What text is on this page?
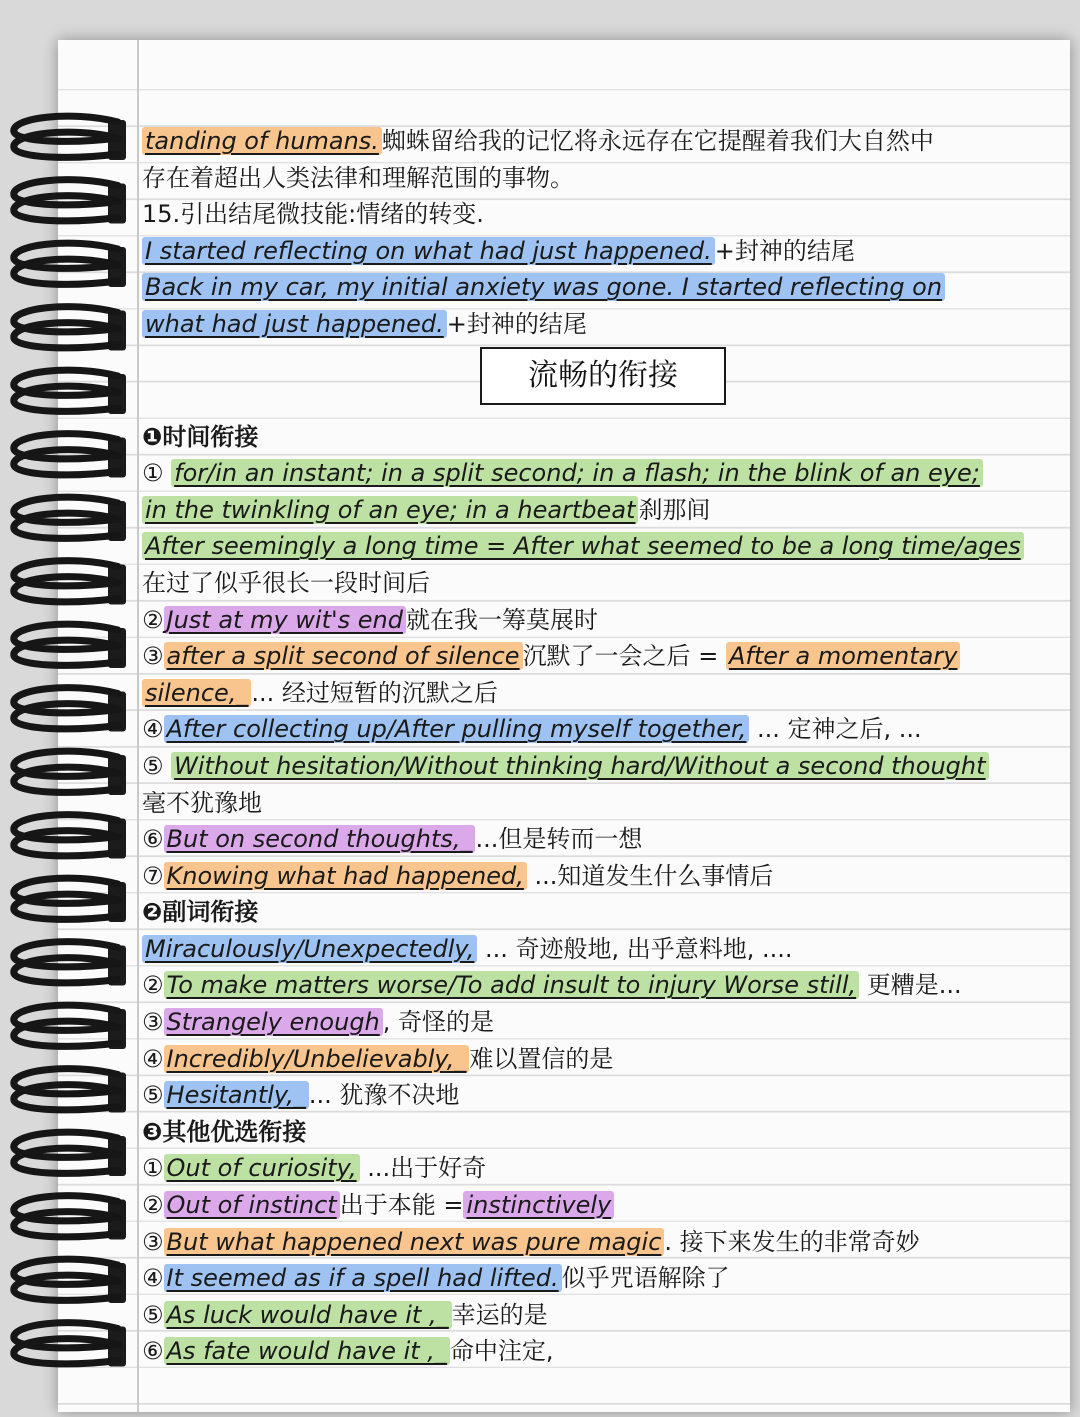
tanding of humans. 蜘蛛留给我的记忆将永远存在它提醒着我们大自然中
存在着超出人类法律和理解范围的事物。
15.引出结尾微技能:情绪的转变.
I started reflecting on what had just happened. +封神的结尾
Back in my car, my initial anxiety was gone. I started reflecting on
what had just happened. +封神的结尾
流畅的衔接
❶时间衔接
① for/in an instant; in a split second; in a flash; in the blink of an eye;
in the twinkling of an eye; in a heartbeat 刹那间
After seemingly a long time = After what seemed to be a long time/ages
在过了似乎很长一段时间后
② Just at my wit's end 就在我一筹莫展时
③ after a split second of silence 沉默了一会之后 = After a momentary
silence,_ ... 经过短暂的沉默之后
④ After collecting up/After pulling myself together, ... 定神之后, ...
⑤ Without hesitation/Without thinking hard/Without a second thought
毫不犹豫地
⑥ But on second thoughts,_ ...但是转而一想
⑦ Knowing what had happened, ...知道发生什么事情后
❷副词衔接
Miraculously/Unexpectedly, ... 奇迹般地, 出乎意料地, ....
② To make matters worse/To add insult to injury Worse still, 更糟是...
③ Strangely enough , 奇怪的是
④ Incredibly/Unbelievably,_ 难以置信的是
⑤ Hesitantly,_ ... 犹豫不决地
❸其他优选衔接
① Out of curiosity, ...出于好奇
② Out of instinct 出于本能 = instinctively
③ But what happened next was pure magic . 接下来发生的非常奇妙
④ It seemed as if a spell had lifted. 似乎咒语解除了
⑤ As luck would have it ,_ 幸运的是
⑥ As fate would have it ,_ 命中注定,
